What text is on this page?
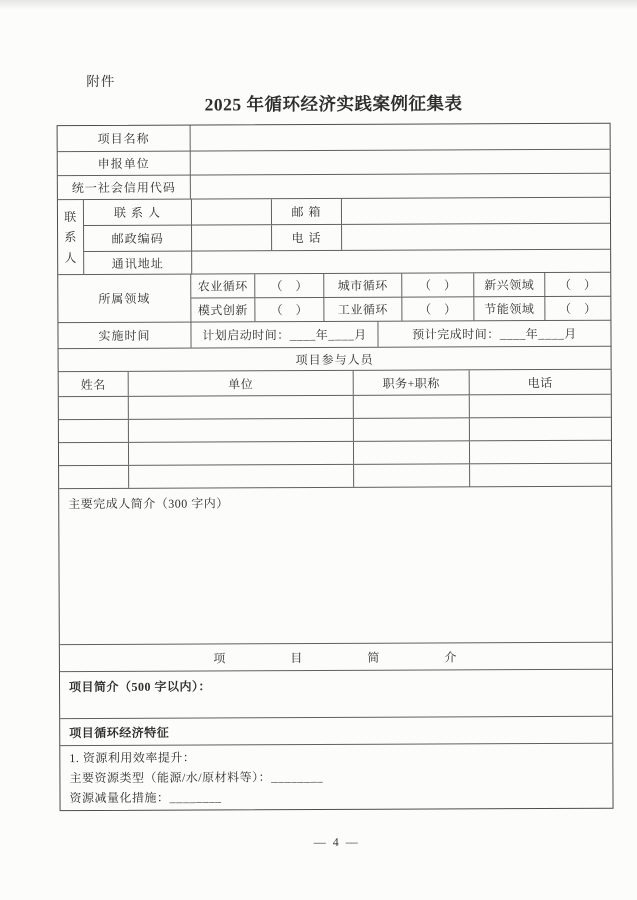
附件
2025 年循环经济实践案例征集表
项目名称
申报单位
统一社会信用代码
联
系
人
联 系 人	邮 箱
邮政编码	电 话
通讯地址
所属领域
农业循环	（　）	城市循环	（　）	新兴领域	（　）
模式创新	（　）	工业循环	（　）	节能领域	（　）
实施时间	计划启动时间：____年____月	预计完成时间：____年____月
项目参与人员
姓名	单位	职务+职称	电话
主要完成人简介（300 字内）
项 目 简 介
项目简介（500 字以内）：
项目循环经济特征
1. 资源利用效率提升：
主要资源类型（能源/水/原材料等）：________
资源减量化措施：________
— 4 —
